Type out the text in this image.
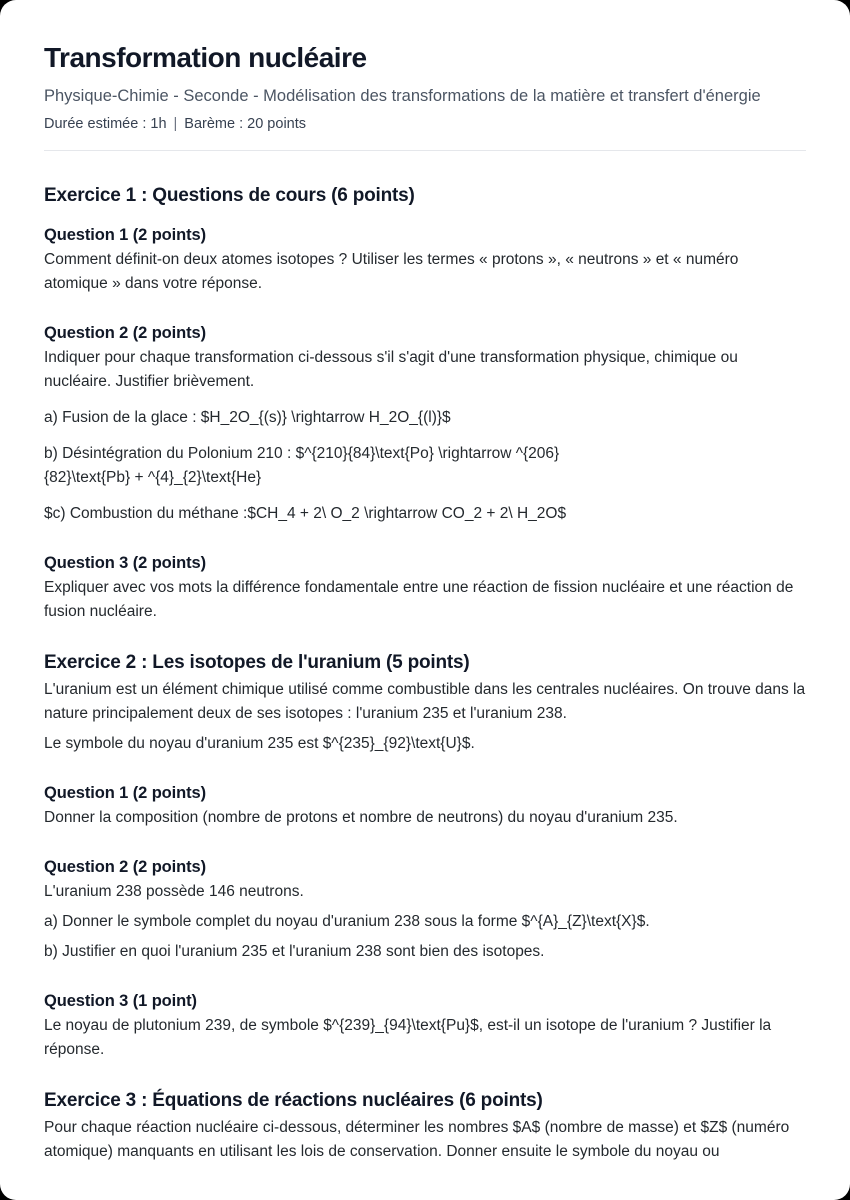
Transformation nucléaire

Physique-Chimie - Seconde - Modélisation des transformations de la matière et transfert d'énergie

Durée estimée : 1h | Barème : 20 points

Exercice 1 : Questions de cours (6 points)
Question 1 (2 points)

Comment définit-on deux atomes isotopes ? Utiliser les termes « protons », « neutrons » et « numéro atomique » dans votre réponse.

Question 2 (2 points)

Indiquer pour chaque transformation ci-dessous s'il s'agit d'une transformation physique, chimique ou nucléaire. Justifier brièvement.

a) Fusion de la glace : $H_2O_{(s)} \rightarrow H_2O_{(l)}$

b) Désintégration du Polonium 210 : $^{210}{84}\text{Po} \rightarrow ^{206}
{82}\text{Pb} + ^{4}_{2}\text{He}

$c) Combustion du méthane :$CH_4 + 2\ O_2 \rightarrow CO_2 + 2\ H_2O$

Question 3 (2 points)

Expliquer avec vos mots la différence fondamentale entre une réaction de fission nucléaire et une réaction de fusion nucléaire.

Exercice 2 : Les isotopes de l'uranium (5 points)

L'uranium est un élément chimique utilisé comme combustible dans les centrales nucléaires. On trouve dans la nature principalement deux de ses isotopes : l'uranium 235 et l'uranium 238.

Le symbole du noyau d'uranium 235 est $^{235}_{92}\text{U}$.

Question 1 (2 points)

Donner la composition (nombre de protons et nombre de neutrons) du noyau d'uranium 235.

Question 2 (2 points)

L'uranium 238 possède 146 neutrons.

a) Donner le symbole complet du noyau d'uranium 238 sous la forme $^{A}_{Z}\text{X}$.

b) Justifier en quoi l'uranium 235 et l'uranium 238 sont bien des isotopes.

Question 3 (1 point)

Le noyau de plutonium 239, de symbole $^{239}_{94}\text{Pu}$, est-il un isotope de l'uranium ? Justifier la réponse.

Exercice 3 : Équations de réactions nucléaires (6 points)

Pour chaque réaction nucléaire ci-dessous, déterminer les nombres $A$ (nombre de masse) et $Z$ (numéro atomique) manquants en utilisant les lois de conservation. Donner ensuite le symbole du noyau ou
